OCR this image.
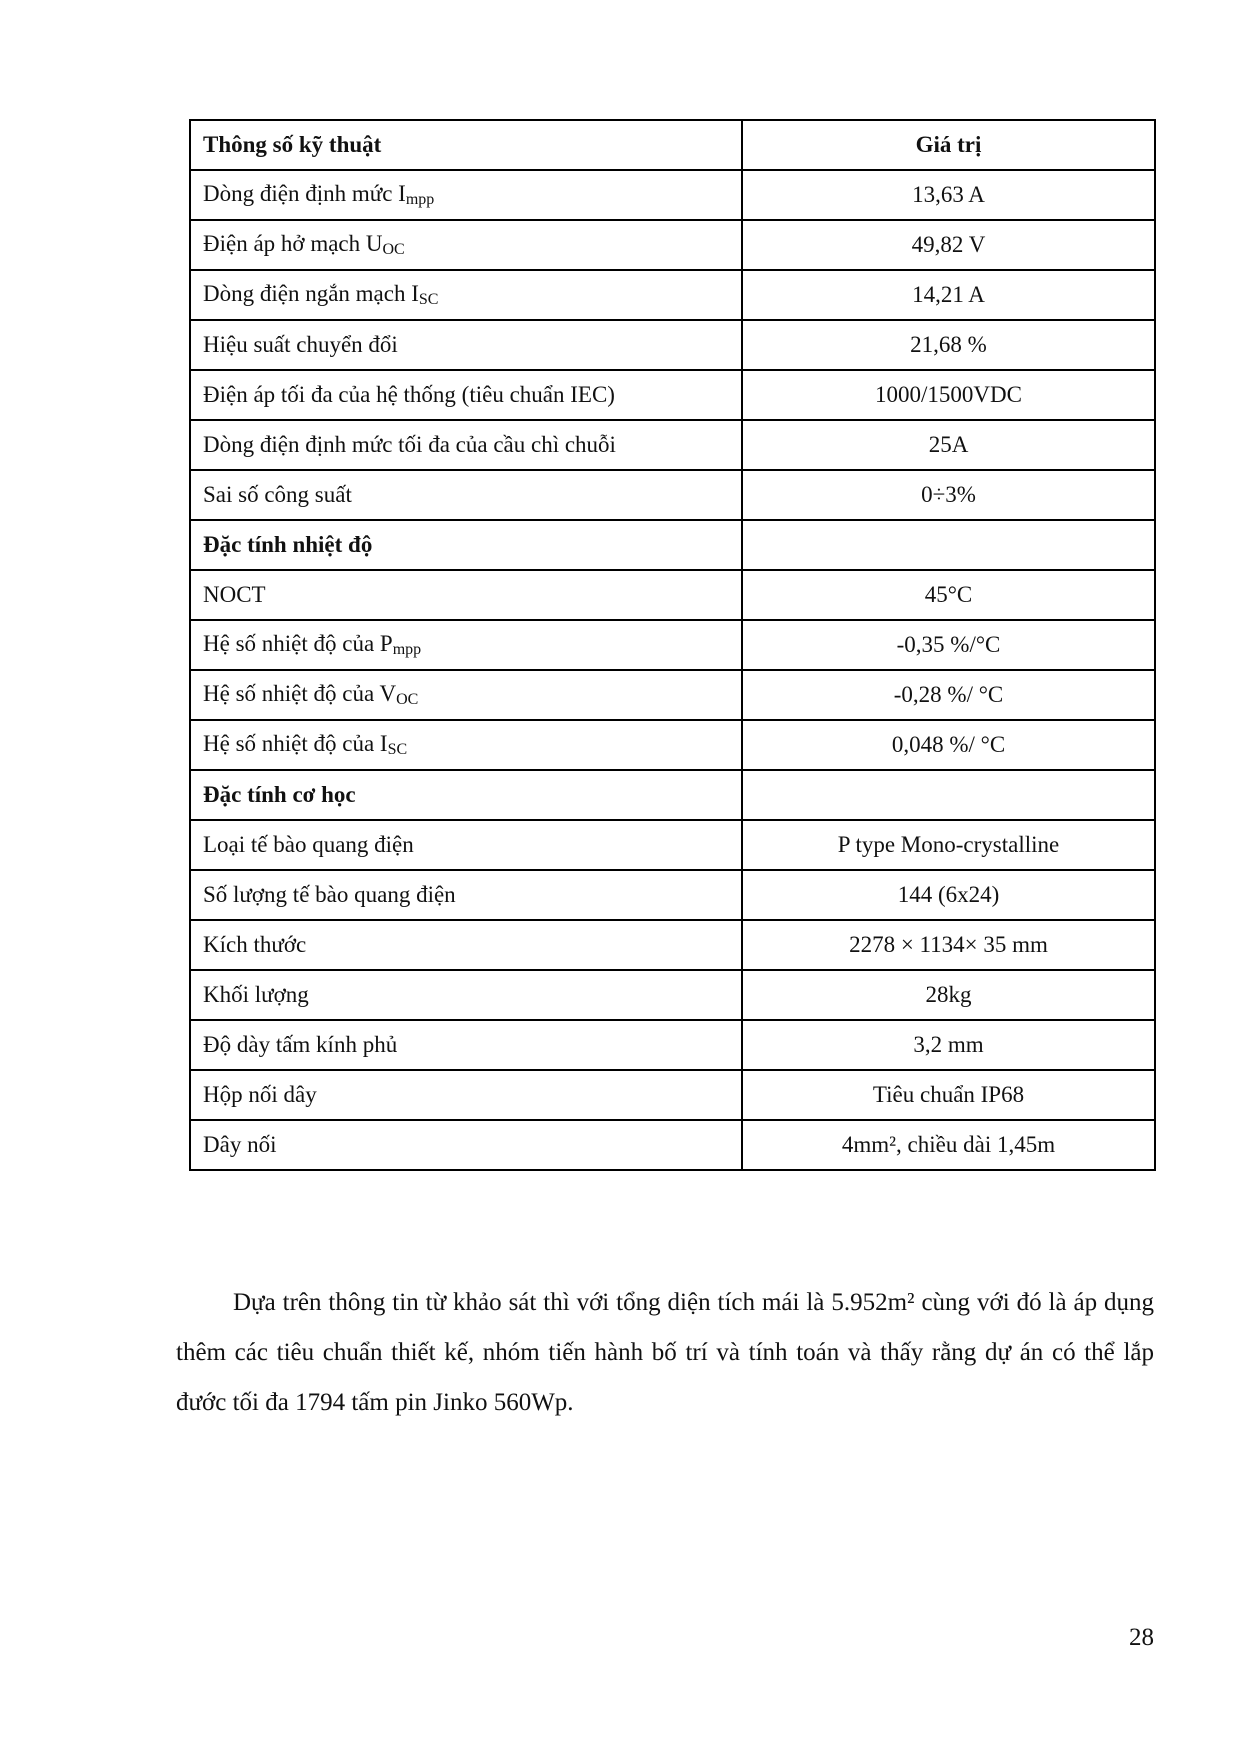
Thông số kỹ thuật	Giá trị
Dòng điện định mức $I_{mpp}$	13,63 A
Điện áp hở mạch $U_{OC}$	49,82 V
Dòng điện ngắn mạch $I_{SC}$	14,21 A
Hiệu suất chuyển đổi	21,68 %
Điện áp tối đa của hệ thống (tiêu chuẩn IEC)	1000/1500VDC
Dòng điện định mức tối đa của cầu chì chuỗi	25A
Sai số công suất	0÷3%
Đặc tính nhiệt độ	
NOCT	45°C
Hệ số nhiệt độ của $P_{mpp}$	-0,35 %/°C
Hệ số nhiệt độ của $V_{OC}$	-0,28 %/ °C
Hệ số nhiệt độ của $I_{SC}$	0,048 %/ °C
Đặc tính cơ học	
Loại tế bào quang điện	P type Mono-crystalline
Số lượng tế bào quang điện	144 (6x24)
Kích thước	2278 × 1134× 35 mm
Khối lượng	28kg
Độ dày tấm kính phủ	3,2 mm
Hộp nối dây	Tiêu chuẩn IP68
Dây nối	4mm², chiều dài 1,45m

Dựa trên thông tin từ khảo sát thì với tổng diện tích mái là 5.952m² cùng với đó là áp dụng thêm các tiêu chuẩn thiết kế, nhóm tiến hành bố trí và tính toán và thấy rằng dự án có thể lắp đước tối đa 1794 tấm pin Jinko 560Wp.

28
